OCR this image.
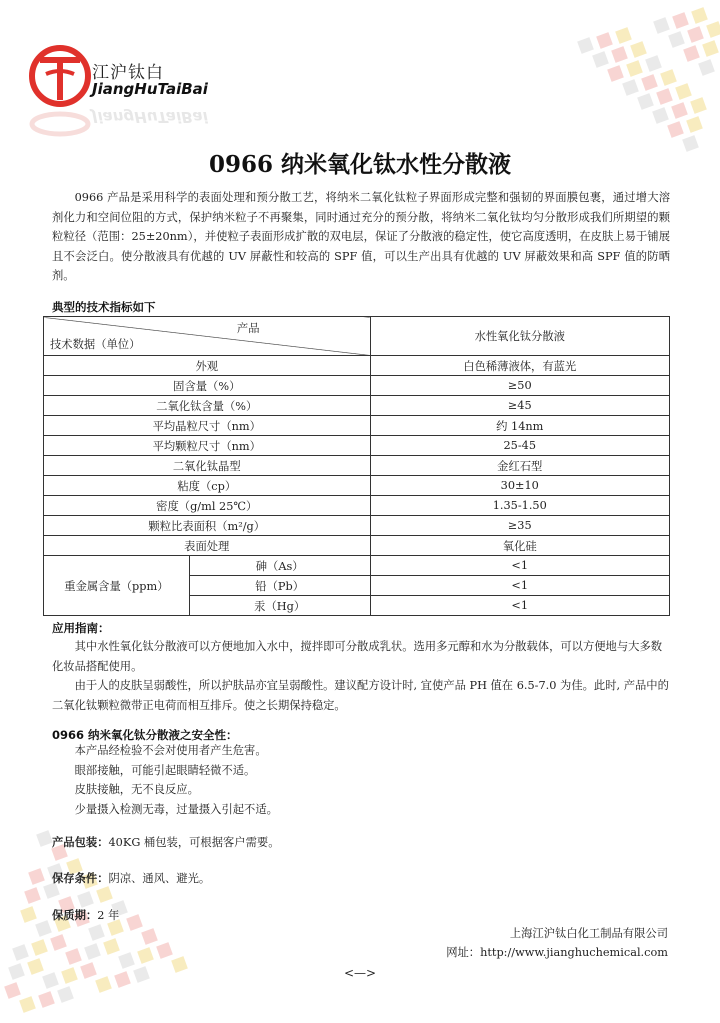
江沪钛白
JiangHuTaiBai
JiangHuTaiBai
0966 纳米氧化钛水性分散液
0966 产品是采用科学的表面处理和预分散工艺，将纳米二氧化钛粒子界面形成完整和强韧的界面膜包裹，通过增大溶剂化力和空间位阻的方式，保护纳米粒子不再聚集，同时通过充分的预分散，将纳米二氧化钛均匀分散形成我们所期望的颗粒粒径（范围：25±20nm），并使粒子表面形成扩散的双电层，保证了分散液的稳定性，使它高度透明，在皮肤上易于铺展且不会泛白。使分散液具有优越的 UV 屏蔽性和较高的 SPF 值，可以生产出具有优越的 UV 屏蔽效果和高 SPF 值的防晒剂。
典型的技术指标如下
产品
技术数据（单位）		水性氧化钛分散液
外观		白色稀薄液体，有蓝光
固含量（%）		≥50
二氧化钛含量（%）		≥45
平均晶粒尺寸（nm）		约 14nm
平均颗粒尺寸（nm）		25-45
二氧化钛晶型		金红石型
粘度（cp）		30±10
密度（g/ml 25℃）		1.35-1.50
颗粒比表面积（m²/g）		≥35
表面处理		氧化硅
重金属含量（ppm）	砷（As）	<1
	铅（Pb）	<1
	汞（Hg）	<1
应用指南：

其中水性氧化钛分散液可以方便地加入水中，搅拌即可分散成乳状。选用多元醇和水为分散载体，可以方便地与大多数化妆品搭配使用。

由于人的皮肤呈弱酸性，所以护肤品亦宜呈弱酸性。建议配方设计时, 宜使产品 PH 值在 6.5-7.0 为佳。此时, 产品中的二氧化钛颗粒微带正电荷而相互排斥。使之长期保持稳定。

0966 纳米氧化钛分散液之安全性：

本产品经检验不会对使用者产生危害。

眼部接触，可能引起眼睛轻微不适。

皮肤接触，无不良反应。

少量摄入检测无毒，过量摄入引起不适。

产品包装：40KG 桶包装，可根据客户需要。
保存条件：阴凉、通风、避光。
保质期：2 年
上海江沪钛白化工制品有限公司
网址：http://www.jianghuchemical.com
<—>
